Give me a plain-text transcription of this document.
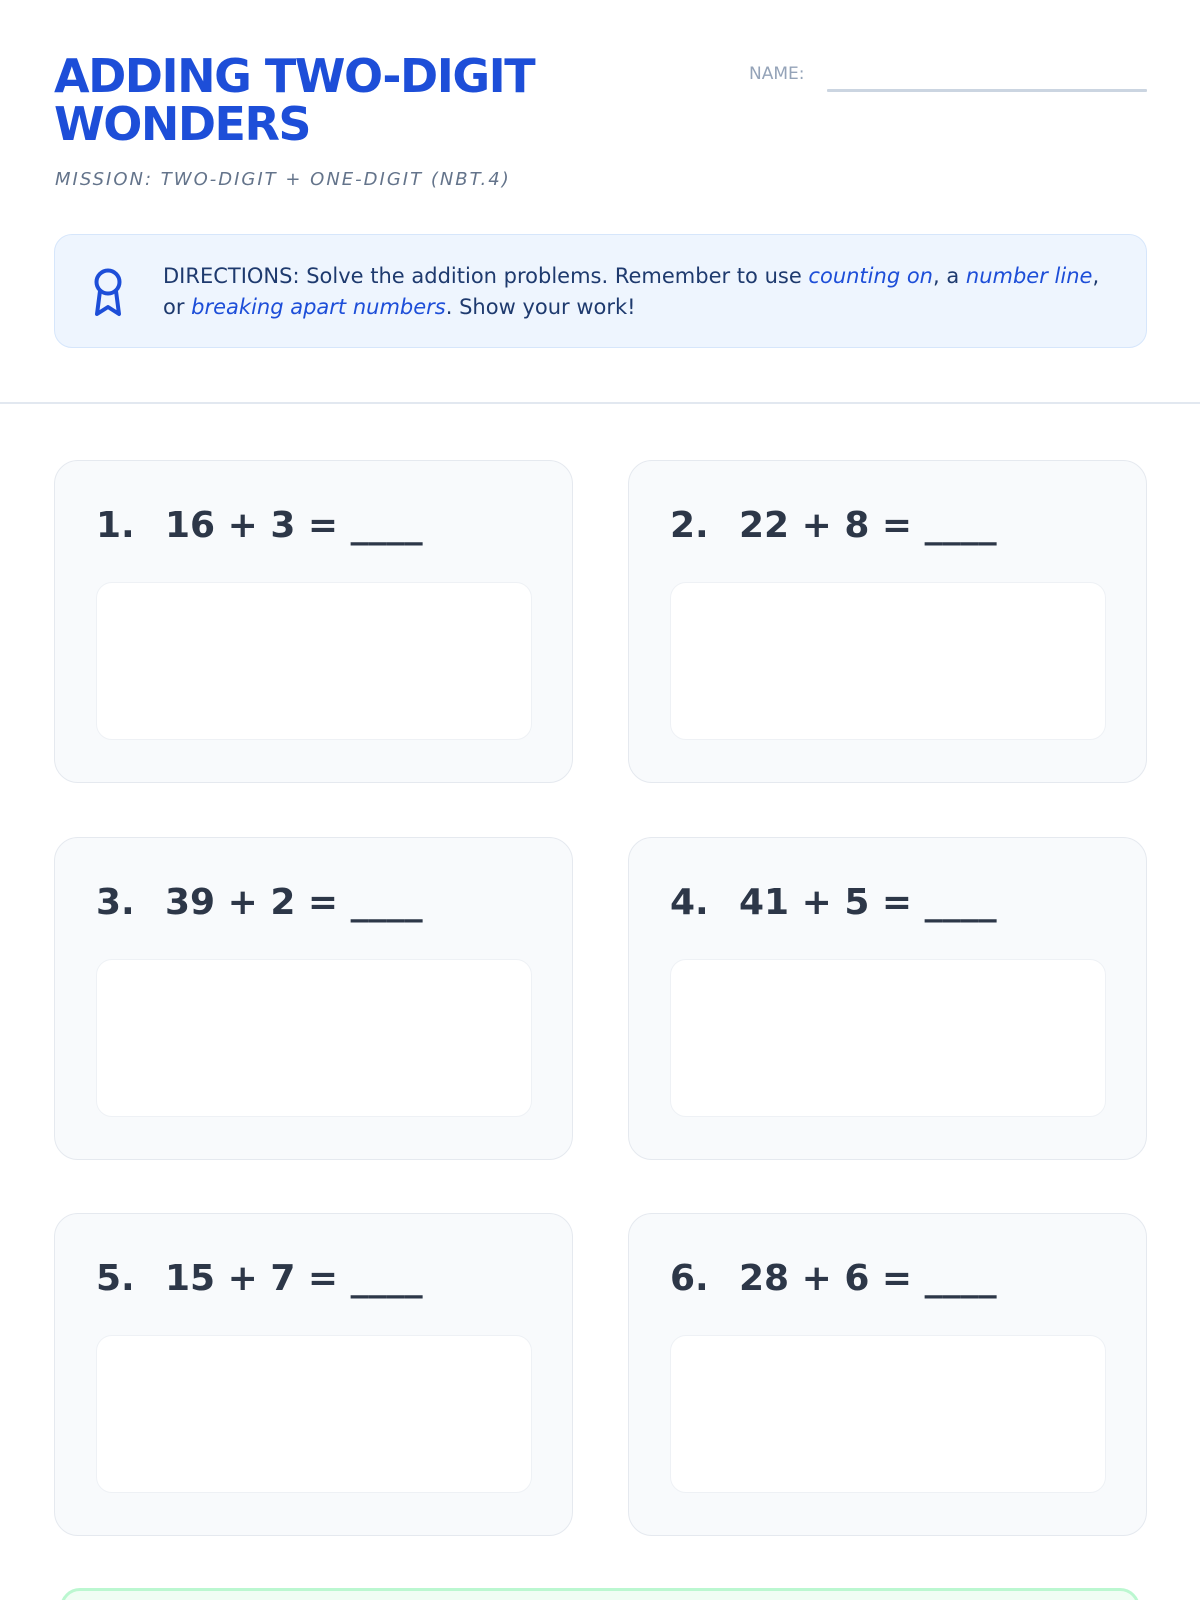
ADDING TWO-DIGIT WONDERS
MISSION: TWO-DIGIT + ONE-DIGIT (NBT.4)
NAME:
DIRECTIONS: Solve the addition problems. Remember to use counting on, a number line, or breaking apart numbers. Show your work!
1. 16 + 3 = ____	2. 22 + 8 = ____
3. 39 + 2 = ____	4. 41 + 5 = ____
5. 15 + 7 = ____	6. 28 + 6 = ____
